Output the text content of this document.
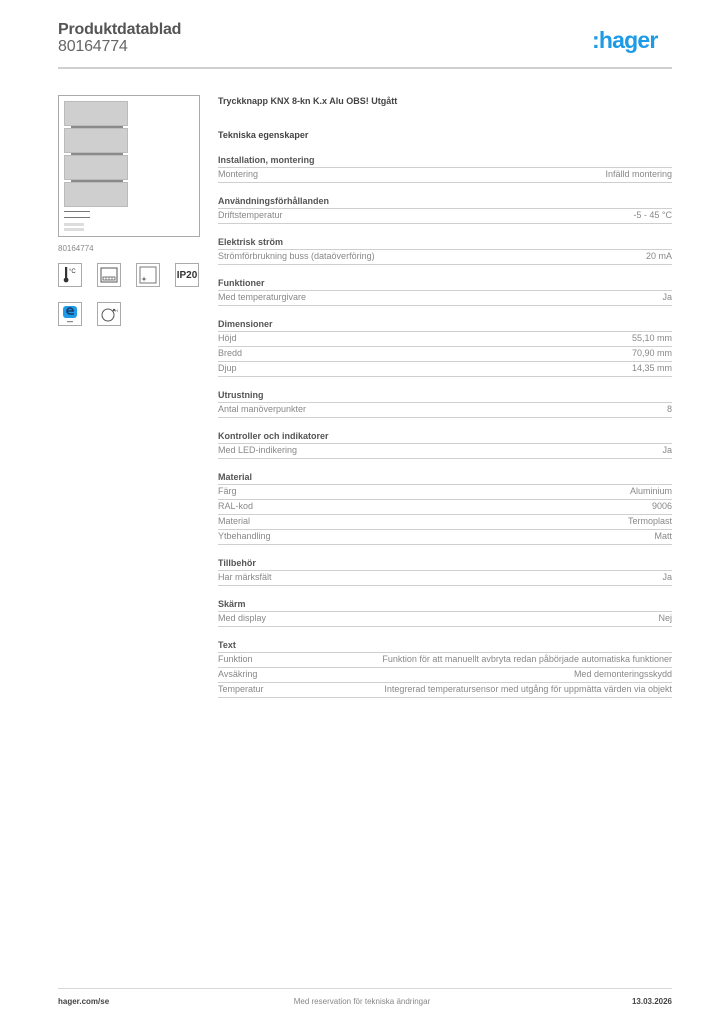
Produktdatablad
80164774	:hager
80164774
°C	IP20
H
Tryckknapp KNX 8-kn K.x Alu OBS! Utgått
Tekniska egenskaper
Installation, montering
Montering	Infälld montering
Användningsförhållanden
Driftstemperatur	-5 - 45 °C
Elektrisk ström
Strömförbrukning buss (dataöverföring)	20 mA
Funktioner
Med temperaturgivare	Ja
Dimensioner
Höjd	55,10 mm
Bredd	70,90 mm
Djup	14,35 mm
Utrustning
Antal manöverpunkter	8
Kontroller och indikatorer
Med LED-indikering	Ja
Material
Färg	Aluminium
RAL-kod	9006
Material	Termoplast
Ytbehandling	Matt
Tillbehör
Har märksfält	Ja
Skärm
Med display	Nej
Text
Funktion	Funktion för att manuellt avbryta redan påbörjade automatiska funktioner
Avsäkring	Med demonteringsskydd
Temperatur	Integrerad temperatursensor med utgång för uppmätta värden via objekt
hager.com/se	Med reservation för tekniska ändringar	13.03.2026
